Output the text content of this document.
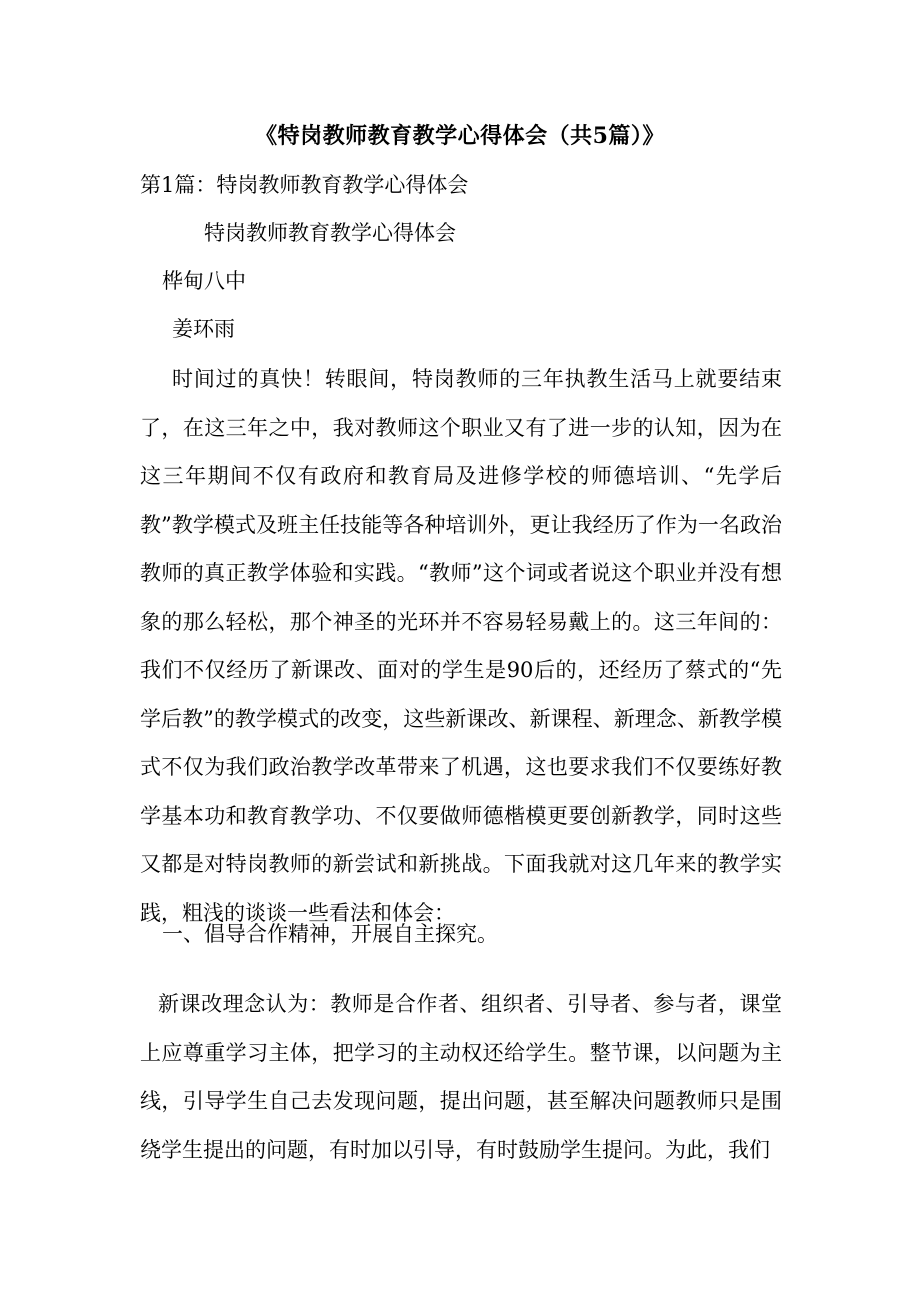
《特岗教师教育教学心得体会（共5篇）》
第1篇：特岗教师教育教学心得体会
特岗教师教育教学心得体会
桦甸八中
姜环雨

时间过的真快！转眼间，特岗教师的三年执教生活马上就要结束了，在这三年之中，我对教师这个职业又有了进一步的认知，因为在这三年期间不仅有政府和教育局及进修学校的师德培训、“先学后教”教学模式及班主任技能等各种培训外，更让我经历了作为一名政治教师的真正教学体验和实践。“教师”这个词或者说这个职业并没有想象的那么轻松，那个神圣的光环并不容易轻易戴上的。这三年间的：我们不仅经历了新课改、面对的学生是90后的，还经历了蔡式的“先学后教”的教学模式的改变，这些新课改、新课程、新理念、新教学模式不仅为我们政治教学改革带来了机遇，这也要求我们不仅要练好教学基本功和教育教学功、不仅要做师德楷模更要创新教学，同时这些又都是对特岗教师的新尝试和新挑战。下面我就对这几年来的教学实践，粗浅的谈谈一些看法和体会：

一、倡导合作精神，开展自主探究。

新课改理念认为：教师是合作者、组织者、引导者、参与者，课堂上应尊重学习主体，把学习的主动权还给学生。整节课，以问题为主线，引导学生自己去发现问题，提出问题，甚至解决问题教师只是围绕学生提出的问题，有时加以引导，有时鼓励学生提问。为此，我们
